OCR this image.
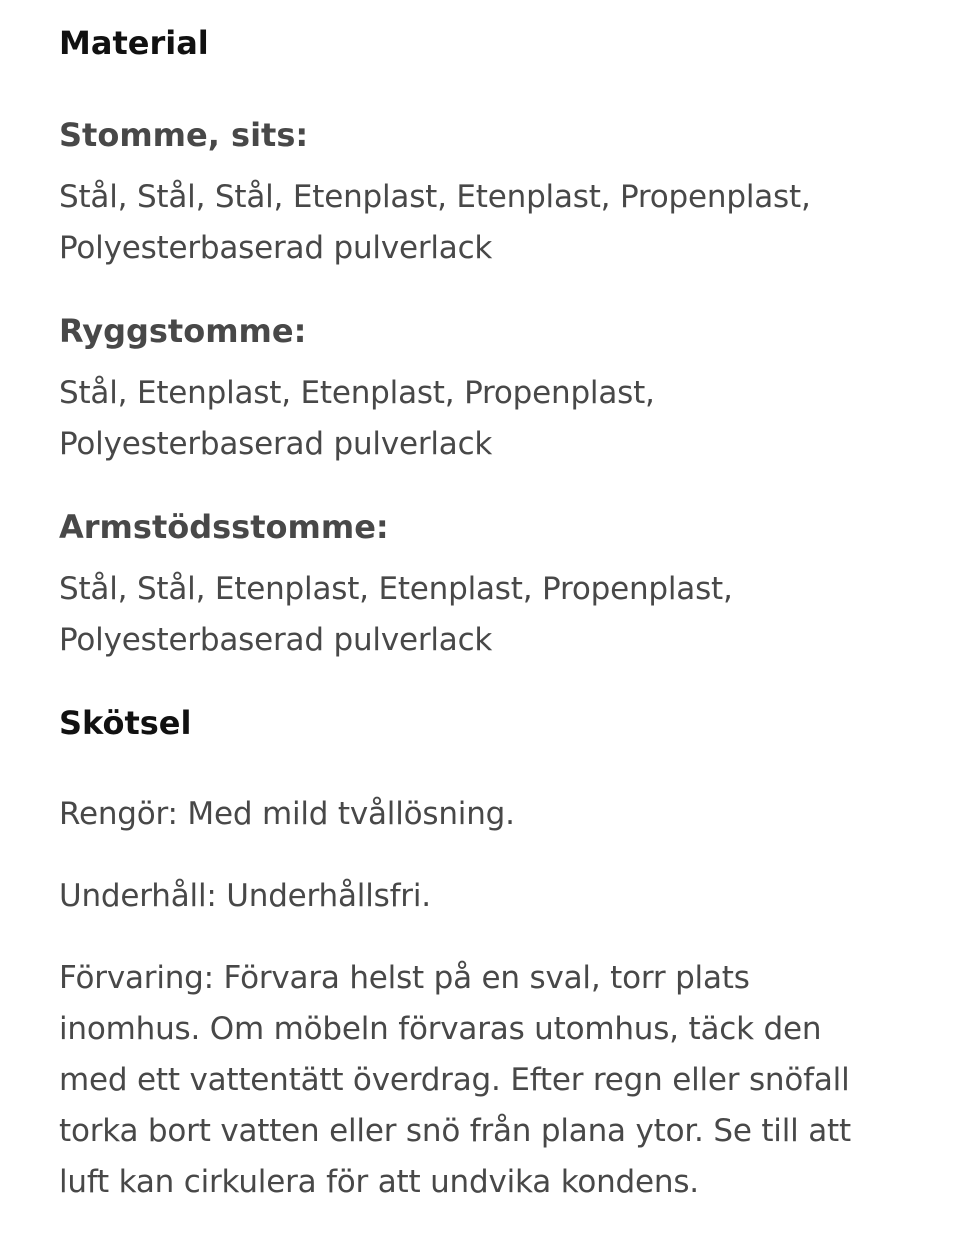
Material
Stomme, sits:

Stål, Stål, Stål, Etenplast, Etenplast, Propenplast,
Polyesterbaserad pulverlack

Ryggstomme:

Stål, Etenplast, Etenplast, Propenplast,
Polyesterbaserad pulverlack

Armstödsstomme:

Stål, Stål, Etenplast, Etenplast, Propenplast,
Polyesterbaserad pulverlack

Skötsel

Rengör: Med mild tvållösning.

Underhåll: Underhållsfri.

Förvaring: Förvara helst på en sval, torr plats
inomhus. Om möbeln förvaras utomhus, täck den
med ett vattentätt överdrag. Efter regn eller snöfall
torka bort vatten eller snö från plana ytor. Se till att
luft kan cirkulera för att undvika kondens.
